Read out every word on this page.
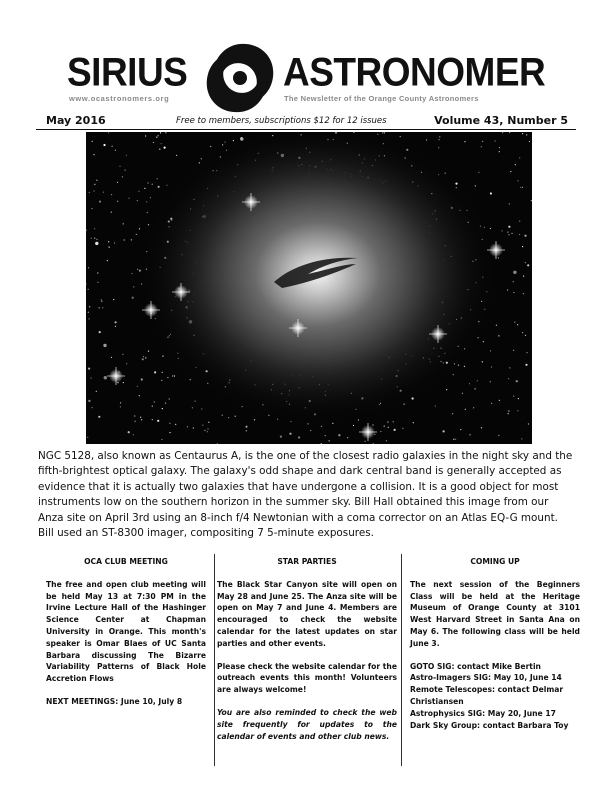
SIRIUS	ASTRONOMER
www.ocastronomers.org	The Newsletter of the Orange County Astronomers
May 2016	Free to members, subscriptions $12 for 12 issues	Volume 43, Number 5
NGC 5128, also known as Centaurus A, is the one of the closest radio galaxies in the night sky and the fifth-brightest optical galaxy. The galaxy's odd shape and dark central band is generally accepted as evidence that it is actually two galaxies that have undergone a collision. It is a good object for most instruments low on the southern horizon in the summer sky. Bill Hall obtained this image from our Anza site on April 3rd using an 8-inch f/4 Newtonian with a coma corrector on an Atlas EQ-G mount. Bill used an ST-8300 imager, compositing 7 5-minute exposures.
OCA CLUB MEETING

The free and open club meeting will be held May 13 at 7:30 PM in the Irvine Lecture Hall of the Hashinger Science Center at Chapman University in Orange. This month's speaker is Omar Blaes of UC Santa Barbara discussing The Bizarre Variability Patterns of Black Hole Accretion Flows

NEXT MEETINGS: June 10, July 8

STAR PARTIES

The Black Star Canyon site will open on May 28 and June 25. The Anza site will be open on May 7 and June 4. Members are encouraged to check the website calendar for the latest updates on star parties and other events.

Please check the website calendar for the outreach events this month! Volunteers are always welcome!

You are also reminded to check the web site frequently for updates to the calendar of events and other club news.

COMING UP

The next session of the Beginners Class will be held at the Heritage Museum of Orange County at 3101 West Harvard Street in Santa Ana on May 6. The following class will be held June 3.

GOTO SIG: contact Mike Bertin
Astro-Imagers SIG: May 10, June 14
Remote Telescopes: contact Delmar Christiansen
Astrophysics SIG: May 20, June 17
Dark Sky Group: contact Barbara Toy
